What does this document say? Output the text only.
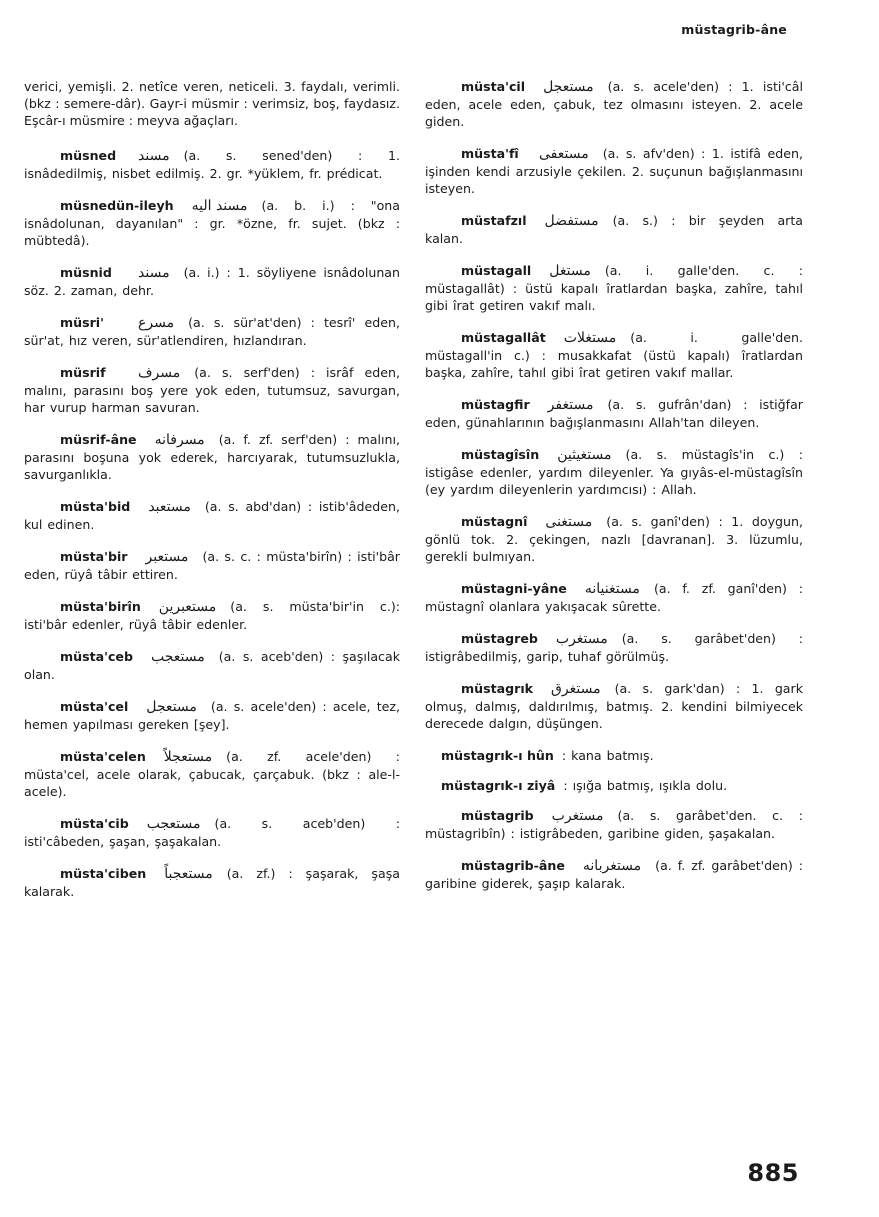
müstagrib-âne

verici, yemişli. 2. netîce veren, neticeli. 3. faydalı, verimli. (bkz : semere-dâr). Gayr-i müsmir : verimsiz, boş, faydasız. Eşcâr-ı müsmire : meyva ağaçları.

müsned مسند (a. s. sened'den) : 1. isnâdedilmiş, nisbet edilmiş. 2. gr. *yüklem, fr. prédicat.

müsnedün-ileyh مسند اليه (a. b. i.) : "ona isnâdolunan, dayanılan" : gr. *özne, fr. sujet. (bkz : mübtedâ).

müsnid مسند (a. i.) : 1. söyliyene isnâdolunan söz. 2. zaman, dehr.

müsri' مسرع (a. s. sür'at'den) : tesrî' eden, sür'at, hız veren, sür'atlendiren, hızlandıran.

müsrif مسرف (a. s. serf'den) : isrâf eden, malını, parasını boş yere yok eden, tutumsuz, savurgan, har vurup harman savuran.

müsrif-âne مسرفانه (a. f. zf. serf'den) : malını, parasını boşuna yok ederek, harcıyarak, tutumsuzlukla, savurganlıkla.

müsta'bid مستعبد (a. s. abd'dan) : istib'âdeden, kul edinen.

müsta'bir مستعبر (a. s. c. : müsta'birîn) : isti'bâr eden, rüyâ tâbir ettiren.

müsta'birîn مستعبرين (a. s. müsta'bir'in c.): isti'bâr edenler, rüyâ tâbir edenler.

müsta'ceb مستعجب (a. s. aceb'den) : şaşılacak olan.

müsta'cel مستعجل (a. s. acele'den) : acele, tez, hemen yapılması gereken [şey].

müsta'celen مستعجلاً (a. zf. acele'den) : müsta'cel, acele olarak, çabucak, çarçabuk. (bkz : ale-l-acele).

müsta'cib مستعجب (a. s. aceb'den) : isti'câbeden, şaşan, şaşakalan.

müsta'ciben مستعجباً (a. zf.) : şaşarak, şaşa kalarak.

müsta'cil مستعجل (a. s. acele'den) : 1. isti'câl eden, acele eden, çabuk, tez olmasını isteyen. 2. acele giden.

müsta'fî مستعفى (a. s. afv'den) : 1. istifâ eden, işinden kendi arzusiyle çekilen. 2. suçunun bağışlanmasını isteyen.

müstafzıl مستفضل (a. s.) : bir şeyden arta kalan.

müstagall مستغل (a. i. galle'den. c. : müstagallât) : üstü kapalı îratlardan başka, zahîre, tahıl gibi îrat getiren vakıf malı.

müstagallât مستغلات (a. i. galle'den. müstagall'in c.) : musakkafat (üstü kapalı) îratlardan başka, zahîre, tahıl gibi îrat getiren vakıf mallar.

müstagfir مستغفر (a. s. gufrân'dan) : istiğfar eden, günahlarının bağışlanmasını Allah'tan dileyen.

müstagîsîn مستغيثين (a. s. müstagîs'in c.) : istigâse edenler, yardım dileyenler. Ya gıyâs-el-müstagîsîn (ey yardım dileyenlerin yardımcısı) : Allah.

müstagnî مستغنى (a. s. ganî'den) : 1. doygun, gönlü tok. 2. çekingen, nazlı [davranan]. 3. lüzumlu, gerekli bulmıyan.

müstagni-yâne مستغنيانه (a. f. zf. ganî'den) : müstagnî olanlara yakışacak sûrette.

müstagreb مستغرب (a. s. garâbet'den) : istigrâbedilmiş, garip, tuhaf görülmüş.

müstagrık مستغرق (a. s. gark'dan) : 1. gark olmuş, dalmış, daldırılmış, batmış. 2. kendini bilmiyecek derecede dalgın, düşüngen.

müstagrık-ı hûn : kana batmış.

müstagrık-ı ziyâ : ışığa batmış, ışıkla dolu.

müstagrib مستغرب (a. s. garâbet'den. c. : müstagribîn) : istigrâbeden, garibine giden, şaşakalan.

müstagrib-âne مستغربانه (a. f. zf. garâbet'den) : garibine giderek, şaşıp kalarak.

885
